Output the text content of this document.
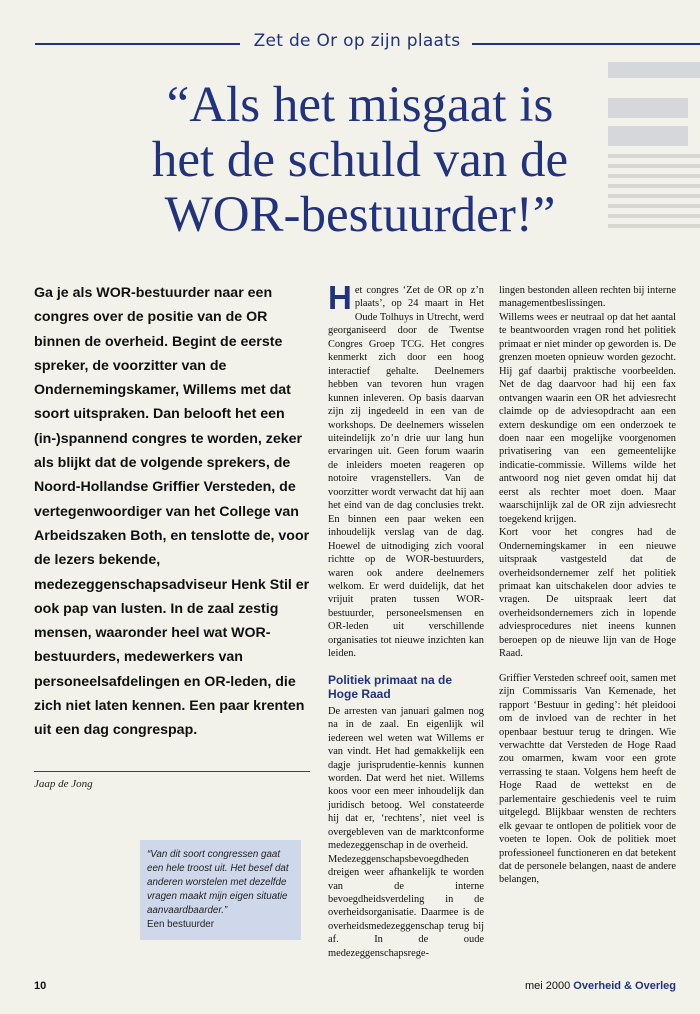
Zet de Or op zijn plaats
“Als het misgaat is
het de schuld van de
WOR-bestuurder!”
Ga je als WOR-bestuurder naar een congres over de positie van de OR binnen de overheid. Begint de eerste spreker, de voorzitter van de Ondernemingskamer, Willems met dat soort uitspraken. Dan belooft het een (in-)spannend congres te worden, zeker als blijkt dat de volgende sprekers, de Noord-Hollandse Griffier Versteden, de vertegenwoordiger van het College van Arbeidszaken Both, en tenslotte de, voor de lezers bekende, medezeggenschapsadviseur Henk Stil er ook pap van lusten. In de zaal zestig mensen, waaronder heel wat WOR-bestuurders, medewerkers van personeelsafdelingen en OR-leden, die zich niet laten kennen. Een paar krenten uit een dag congrespap.
Jaap de Jong
“Van dit soort congressen gaat een hele troost uit. Het besef dat anderen worstelen met dezelfde vragen maakt mijn eigen situatie aanvaardbaarder.”
Een bestuurder

Het congres ‘Zet de OR op z’n plaats’, op 24 maart in Het Oude Tolhuys in Utrecht, werd georganiseerd door de Twentse Congres Groep TCG. Het congres kenmerkt zich door een hoog interactief gehalte. Deelnemers hebben van tevoren hun vragen kunnen inleveren. Op basis daarvan zijn zij ingedeeld in een van de workshops. De deelnemers wisselen uiteindelijk zo’n drie uur lang hun ervaringen uit. Geen forum waarin de inleiders moeten reageren op notoire vragenstellers. Van de voorzitter wordt verwacht dat hij aan het eind van de dag conclusies trekt. En binnen een paar weken een inhoudelijk verslag van de dag. Hoewel de uitnodiging zich vooral richtte op de WOR-bestuurders, waren ook andere deelnemers welkom. Er werd duidelijk, dat het vrijuit praten tussen WOR-bestuurder, personeelsmensen en OR-leden uit verschillende organisaties tot nieuwe inzichten kan leiden.

Politiek primaat na de Hoge Raad

De arresten van januari galmen nog na in de zaal. En eigenlijk wil iedereen wel weten wat Willems er van vindt. Het had gemakkelijk een dagje jurisprudentie-kennis kunnen worden. Dat werd het niet. Willems koos voor een meer inhoudelijk dan juridisch betoog. Wel constateerde hij dat er, ‘rechtens’, niet veel is overgebleven van de marktconforme medezeggenschap in de overheid.

Medezeggenschapsbevoegdheden dreigen weer afhankelijk te worden van de interne bevoegdheidsverdeling in de overheidsorganisatie. Daarmee is de overheidsmedezeggenschap terug bij af. In de oude medezeggenschapsrege-

lingen bestonden alleen rechten bij interne managementbeslissingen.

Willems wees er neutraal op dat het aantal te beantwoorden vragen rond het politiek primaat er niet minder op geworden is. De grenzen moeten opnieuw worden gezocht. Hij gaf daarbij praktische voorbeelden. Net de dag daarvoor had hij een fax ontvangen waarin een OR het adviesrecht claimde op de adviesopdracht aan een extern deskundige om een onderzoek te doen naar een mogelijke voorgenomen privatisering van een gemeentelijke indicatie-commissie. Willems wilde het antwoord nog niet geven omdat hij dat eerst als rechter moet doen. Maar waarschijnlijk zal de OR zijn adviesrecht toegekend krijgen.

Kort voor het congres had de Ondernemingskamer in een nieuwe uitspraak vastgesteld dat de overheidsondernemer zelf het politiek primaat kan uitschakelen door advies te vragen. De uitspraak leert dat overheidsondernemers zich in lopende adviesprocedures niet ineens kunnen beroepen op de nieuwe lijn van de Hoge Raad.

Griffier Versteden schreef ooit, samen met zijn Commissaris Van Kemenade, het rapport ‘Bestuur in geding’: hét pleidooi om de invloed van de rechter in het openbaar bestuur terug te dringen. Wie verwachtte dat Versteden de Hoge Raad zou omarmen, kwam voor een grote verrassing te staan. Volgens hem heeft de Hoge Raad de wettekst en de parlementaire geschiedenis veel te ruim uitgelegd. Blijkbaar wensten de rechters elk gevaar te ontlopen de politiek voor de voeten te lopen. Ook de politiek moet professioneel functioneren en dat betekent dat de personele belangen, naast de andere belangen,

10	mei 2000 Overheid & Overleg
